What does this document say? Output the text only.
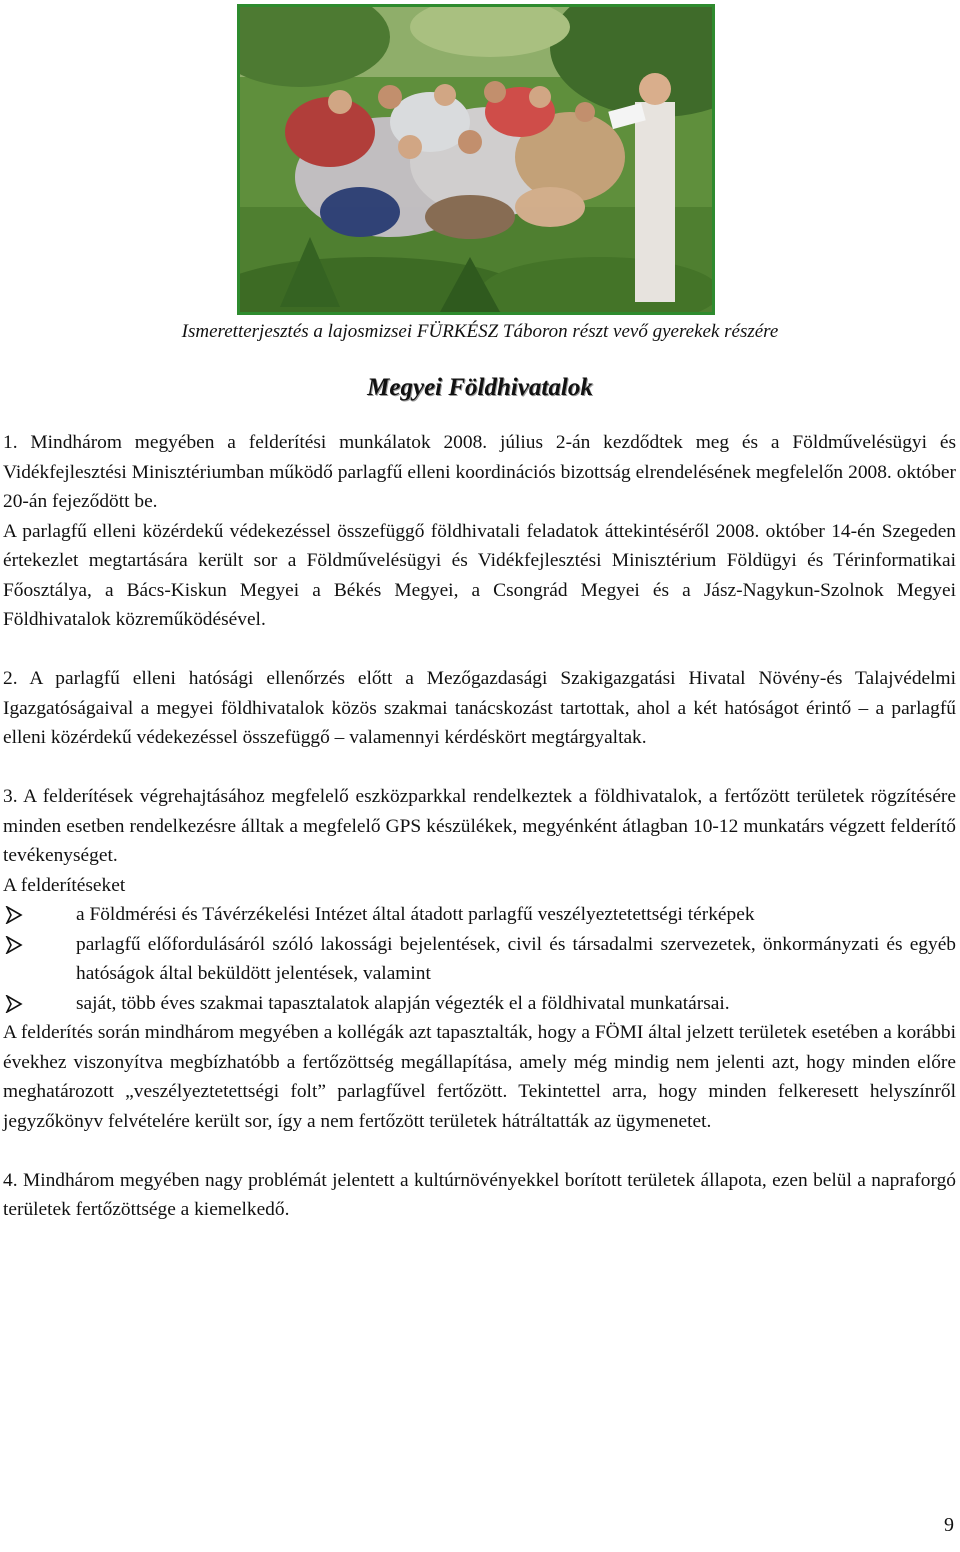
Ismeretterjesztés a lajosmizsei FÜRKÉSZ Táboron részt vevő gyerekek részére
Megyei Földhivatalok

1. Mindhárom megyében a felderítési munkálatok 2008. július 2-án kezdődtek meg és a Földművelésügyi és Vidékfejlesztési Minisztériumban működő parlagfű elleni koordinációs bizottság elrendelésének megfelelőn 2008. október 20-án fejeződött be.

A parlagfű elleni közérdekű védekezéssel összefüggő földhivatali feladatok áttekintéséről 2008. október 14-én Szegeden értekezlet megtartására került sor a Földművelésügyi és Vidékfejlesztési Minisztérium Földügyi és Térinformatikai Főosztálya, a Bács-Kiskun Megyei a Békés Megyei, a Csongrád Megyei és a Jász-Nagykun-Szolnok Megyei Földhivatalok közreműködésével.

2. A parlagfű elleni hatósági ellenőrzés előtt a Mezőgazdasági Szakigazgatási Hivatal Növény-és Talajvédelmi Igazgatóságaival a megyei földhivatalok közös szakmai tanácskozást tartottak, ahol a két hatóságot érintő – a parlagfű elleni közérdekű védekezéssel összefüggő – valamennyi kérdéskört megtárgyaltak.

3. A felderítések végrehajtásához megfelelő eszközparkkal rendelkeztek a földhivatalok, a fertőzött területek rögzítésére minden esetben rendelkezésre álltak a megfelelő GPS készülékek, megyénként átlagban 10-12 munkatárs végzett felderítő tevékenységet.

A felderítéseket

a Földmérési és Távérzékelési Intézet által átadott parlagfű veszélyeztetettségi térképek
parlagfű előfordulásáról szóló lakossági bejelentések, civil és társadalmi szervezetek, önkormányzati és egyéb hatóságok által beküldött jelentések, valamint
saját, több éves szakmai tapasztalatok alapján végezték el a földhivatal munkatársai.

A felderítés során mindhárom megyében a kollégák azt tapasztalták, hogy a FÖMI által jelzett területek esetében a korábbi évekhez viszonyítva megbízhatóbb a fertőzöttség megállapítása, amely még mindig nem jelenti azt, hogy minden előre meghatározott „veszélyeztetettségi folt” parlagfűvel fertőzött. Tekintettel arra, hogy minden felkeresett helyszínről jegyzőkönyv felvételére került sor, így a nem fertőzött területek hátráltatták az ügymenetet.

4. Mindhárom megyében nagy problémát jelentett a kultúrnövényekkel borított területek állapota, ezen belül a napraforgó területek fertőzöttsége a kiemelkedő.

9
